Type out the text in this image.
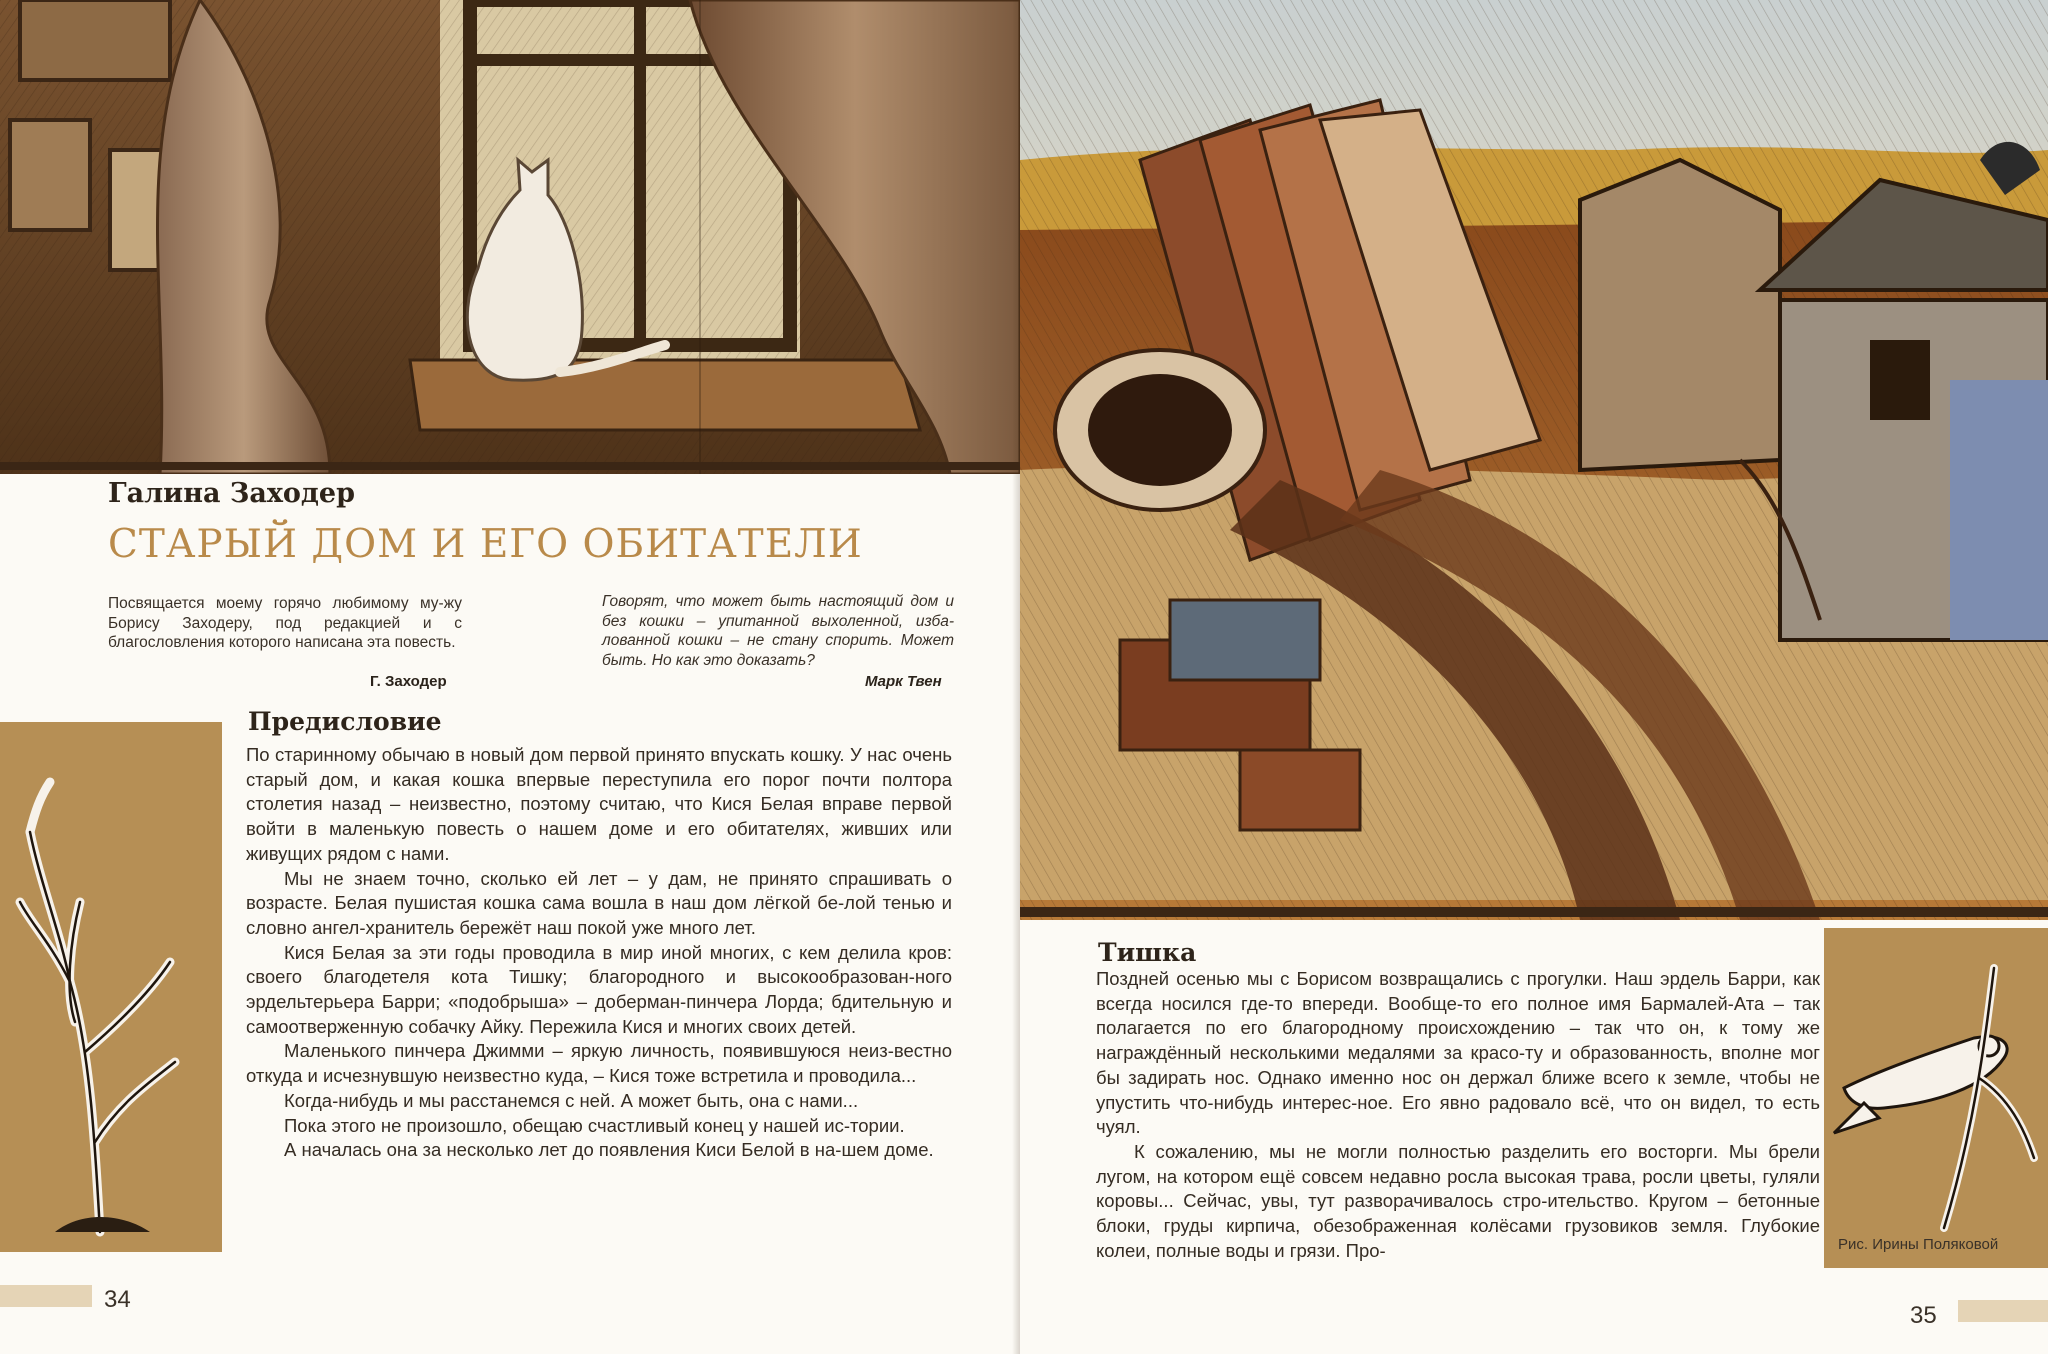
Галина Заходер
СТАРЫЙ ДОМ И ЕГО ОБИТАТЕЛИ
Посвящается моему горячо любимому му-жу Борису Заходеру, под редакцией и с благословления которого написана эта повесть.
Г. Заходер
Говорят, что может быть настоящий дом и без кошки – упитанной выхоленной, изба-лованной кошки – не стану спорить. Может быть. Но как это доказать?
Марк Твен
Предисловие

По старинному обычаю в новый дом первой принято впускать кошку. У нас очень старый дом, и какая кошка впервые переступила его порог почти полтора столетия назад – неизвестно, поэтому считаю, что Кися Белая вправе первой войти в маленькую повесть о нашем доме и его обитателях, живших или живущих рядом с нами.

Мы не знаем точно, сколько ей лет – у дам, не принято спрашивать о возрасте. Белая пушистая кошка сама вошла в наш дом лёгкой бе-лой тенью и словно ангел-хранитель бережёт наш покой уже много лет.

Кися Белая за эти годы проводила в мир иной многих, с кем делила кров: своего благодетеля кота Тишку; благородного и высокообразован-ного эрдельтерьера Барри; «подобрыша» – доберман-пинчера Лорда; бдительную и самоотверженную собачку Айку. Пережила Кися и многих своих детей.

Маленького пинчера Джимми – яркую личность, появившуюся неиз-вестно откуда и исчезнувшую неизвестно куда, – Кися тоже встретила и проводила...

Когда-нибудь и мы расстанемся с ней. А может быть, она с нами...

Пока этого не произошло, обещаю счастливый конец у нашей ис-тории.

А началась она за несколько лет до появления Киси Белой в на-шем доме.

34
Тишка

Поздней осенью мы с Борисом возвращались с прогулки. Наш эрдель Барри, как всегда носился где-то впереди. Вообще-то его полное имя Бармалей-Ата – так полагается по его благородному происхождению – так что он, к тому же награждённый несколькими медалями за красо-ту и образованность, вполне мог бы задирать нос. Однако именно нос он держал ближе всего к земле, чтобы не упустить что-нибудь интерес-ное. Его явно радовало всё, что он видел, то есть чуял.

К сожалению, мы не могли полностью разделить его восторги. Мы брели лугом, на котором ещё совсем недавно росла высокая трава, росли цветы, гуляли коровы... Сейчас, увы, тут разворачивалось стро-ительство. Кругом – бетонные блоки, груды кирпича, обезображенная колёсами грузовиков земля. Глубокие колеи, полные воды и грязи. Про-	Рис. Ирины Поляковой
35
